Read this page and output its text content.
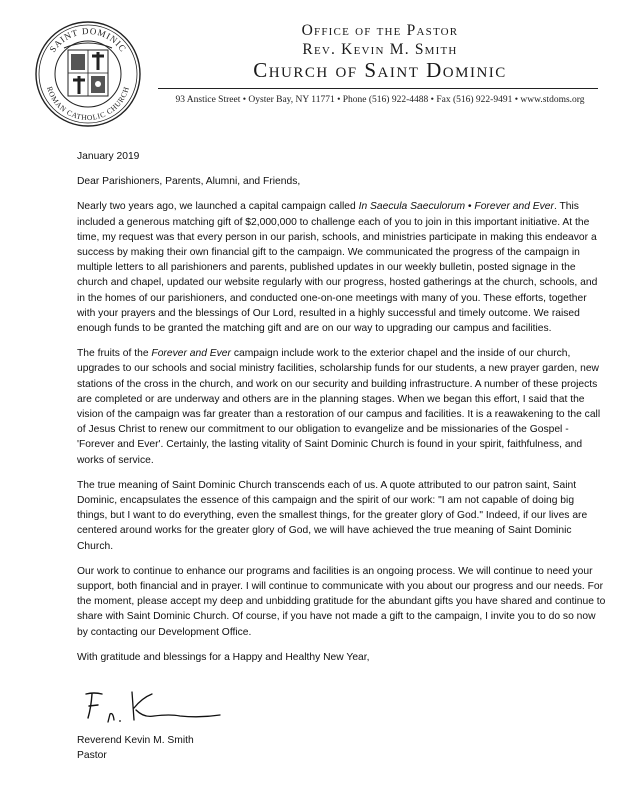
SAINT DOMINIC
ROMAN CATHOLIC CHURCH
Office of the Pastor
Rev. Kevin M. Smith
Church of Saint Dominic
93 Anstice Street • Oyster Bay, NY 11771 • Phone (516) 922-4488 • Fax (516) 922-9491 • www.stdoms.org

January 2019

Dear Parishioners, Parents, Alumni, and Friends,

Nearly two years ago, we launched a capital campaign called In Saecula Saeculorum • Forever and Ever. This included a generous matching gift of $2,000,000 to challenge each of you to join in this important initiative. At the time, my request was that every person in our parish, schools, and ministries participate in making this endeavor a success by making their own financial gift to the campaign. We communicated the progress of the campaign in multiple letters to all parishioners and parents, published updates in our weekly bulletin, posted signage in the church and chapel, updated our website regularly with our progress, hosted gatherings at the church, schools, and in the homes of our parishioners, and conducted one-on-one meetings with many of you. These efforts, together with your prayers and the blessings of Our Lord, resulted in a highly successful and timely outcome. We raised enough funds to be granted the matching gift and are on our way to upgrading our campus and facilities.

The fruits of the Forever and Ever campaign include work to the exterior chapel and the inside of our church, upgrades to our schools and social ministry facilities, scholarship funds for our students, a new prayer garden, new stations of the cross in the church, and work on our security and building infrastructure. A number of these projects are completed or are underway and others are in the planning stages. When we began this effort, I said that the vision of the campaign was far greater than a restoration of our campus and facilities. It is a reawakening to the call of Jesus Christ to renew our commitment to our obligation to evangelize and be missionaries of the Gospel - 'Forever and Ever'. Certainly, the lasting vitality of Saint Dominic Church is found in your spirit, faithfulness, and works of service.

The true meaning of Saint Dominic Church transcends each of us. A quote attributed to our patron saint, Saint Dominic, encapsulates the essence of this campaign and the spirit of our work: "I am not capable of doing big things, but I want to do everything, even the smallest things, for the greater glory of God." Indeed, if our lives are centered around works for the greater glory of God, we will have achieved the true meaning of Saint Dominic Church.

Our work to continue to enhance our programs and facilities is an ongoing process. We will continue to need your support, both financial and in prayer. I will continue to communicate with you about our progress and our needs. For the moment, please accept my deep and unbidding gratitude for the abundant gifts you have shared and continue to share with Saint Dominic Church. Of course, if you have not made a gift to the campaign, I invite you to do so now by contacting our Development Office.

With gratitude and blessings for a Happy and Healthy New Year,

Reverend Kevin M. Smith
Pastor
